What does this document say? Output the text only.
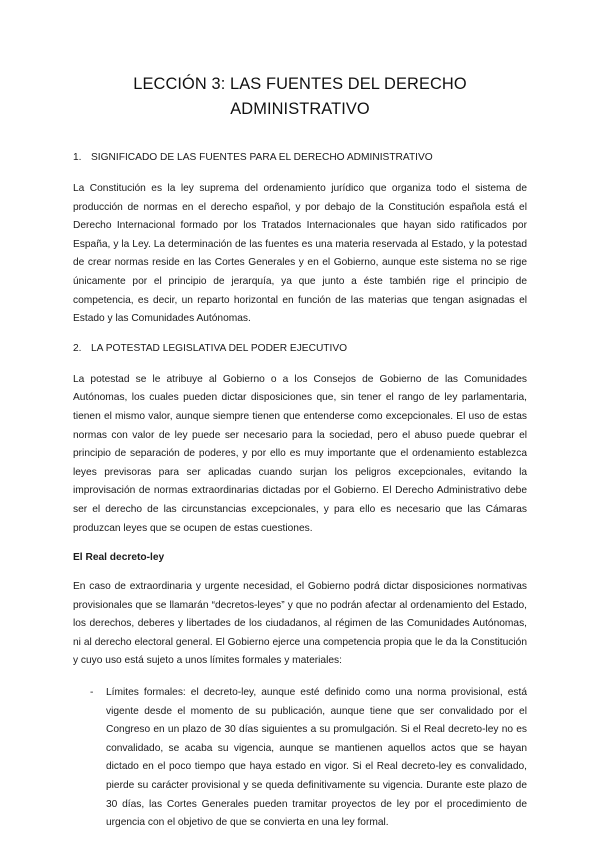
LECCIÓN 3: LAS FUENTES DEL DERECHO ADMINISTRATIVO
1. SIGNIFICADO DE LAS FUENTES PARA EL DERECHO ADMINISTRATIVO

La Constitución es la ley suprema del ordenamiento jurídico que organiza todo el sistema de producción de normas en el derecho español, y por debajo de la Constitución española está el Derecho Internacional formado por los Tratados Internacionales que hayan sido ratificados por España, y la Ley. La determinación de las fuentes es una materia reservada al Estado, y la potestad de crear normas reside en las Cortes Generales y en el Gobierno, aunque este sistema no se rige únicamente por el principio de jerarquía, ya que junto a éste también rige el principio de competencia, es decir, un reparto horizontal en función de las materias que tengan asignadas el Estado y las Comunidades Autónomas.

2. LA POTESTAD LEGISLATIVA DEL PODER EJECUTIVO

La potestad se le atribuye al Gobierno o a los Consejos de Gobierno de las Comunidades Autónomas, los cuales pueden dictar disposiciones que, sin tener el rango de ley parlamentaria, tienen el mismo valor, aunque siempre tienen que entenderse como excepcionales. El uso de estas normas con valor de ley puede ser necesario para la sociedad, pero el abuso puede quebrar el principio de separación de poderes, y por ello es muy importante que el ordenamiento establezca leyes previsoras para ser aplicadas cuando surjan los peligros excepcionales, evitando la improvisación de normas extraordinarias dictadas por el Gobierno. El Derecho Administrativo debe ser el derecho de las circunstancias excepcionales, y para ello es necesario que las Cámaras produzcan leyes que se ocupen de estas cuestiones.

El Real decreto-ley

En caso de extraordinaria y urgente necesidad, el Gobierno podrá dictar disposiciones normativas provisionales que se llamarán “decretos-leyes” y que no podrán afectar al ordenamiento del Estado, los derechos, deberes y libertades de los ciudadanos, al régimen de las Comunidades Autónomas, ni al derecho electoral general. El Gobierno ejerce una competencia propia que le da la Constitución y cuyo uso está sujeto a unos límites formales y materiales:

- Límites formales: el decreto-ley, aunque esté definido como una norma provisional, está vigente desde el momento de su publicación, aunque tiene que ser convalidado por el Congreso en un plazo de 30 días siguientes a su promulgación. Si el Real decreto-ley no es convalidado, se acaba su vigencia, aunque se mantienen aquellos actos que se hayan dictado en el poco tiempo que haya estado en vigor. Si el Real decreto-ley es convalidado, pierde su carácter provisional y se queda definitivamente su vigencia. Durante este plazo de 30 días, las Cortes Generales pueden tramitar proyectos de ley por el procedimiento de urgencia con el objetivo de que se convierta en una ley formal.
